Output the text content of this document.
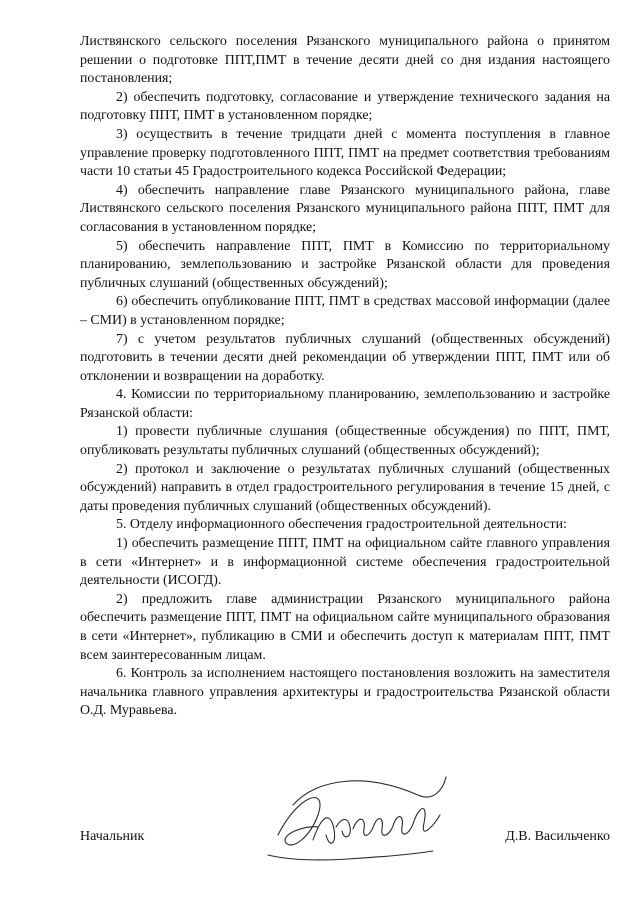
Листвянского сельского поселения Рязанского муниципального района о принятом решении о подготовке ППТ,ПМТ в течение десяти дней со дня издания настоящего постановления;

2) обеспечить подготовку, согласование и утверждение технического задания на подготовку ППТ, ПМТ в установленном порядке;

3) осуществить в течение тридцати дней с момента поступления в главное управление проверку подготовленного ППТ, ПМТ на предмет соответствия требованиям части 10 статьи 45 Градостроительного кодекса Российской Федерации;

4) обеспечить направление главе Рязанского муниципального района, главе Листвянского сельского поселения Рязанского муниципального района ППТ, ПМТ для согласования в установленном порядке;

5) обеспечить направление ППТ, ПМТ в Комиссию по территориальному планированию, землепользованию и застройке Рязанской области для проведения публичных слушаний (общественных обсуждений);

6) обеспечить опубликование ППТ, ПМТ в средствах массовой информации (далее – СМИ) в установленном порядке;

7) с учетом результатов публичных слушаний (общественных обсуждений) подготовить в течении десяти дней рекомендации об утверждении ППТ, ПМТ или об отклонении и возвращении на доработку.

4. Комиссии по территориальному планированию, землепользованию и застройке Рязанской области:

1) провести публичные слушания (общественные обсуждения) по ППТ, ПМТ, опубликовать результаты публичных слушаний (общественных обсуждений);

2) протокол и заключение о результатах публичных слушаний (общественных обсуждений) направить в отдел градостроительного регулирования в течение 15 дней, с даты проведения публичных слушаний (общественных обсуждений).

5. Отделу информационного обеспечения градостроительной деятельности:

1) обеспечить размещение ППТ, ПМТ на официальном сайте главного управления в сети «Интернет» и в информационной системе обеспечения градостроительной деятельности (ИСОГД).

2) предложить главе администрации Рязанского муниципального района обеспечить размещение ППТ, ПМТ на официальном сайте муниципального образования в сети «Интернет», публикацию в СМИ и обеспечить доступ к материалам ППТ, ПМТ всем заинтересованным лицам.

6. Контроль за исполнением настоящего постановления возложить на заместителя начальника главного управления архитектуры и градостроительства Рязанской области О.Д. Муравьева.

Начальник	Д.В. Васильченко
